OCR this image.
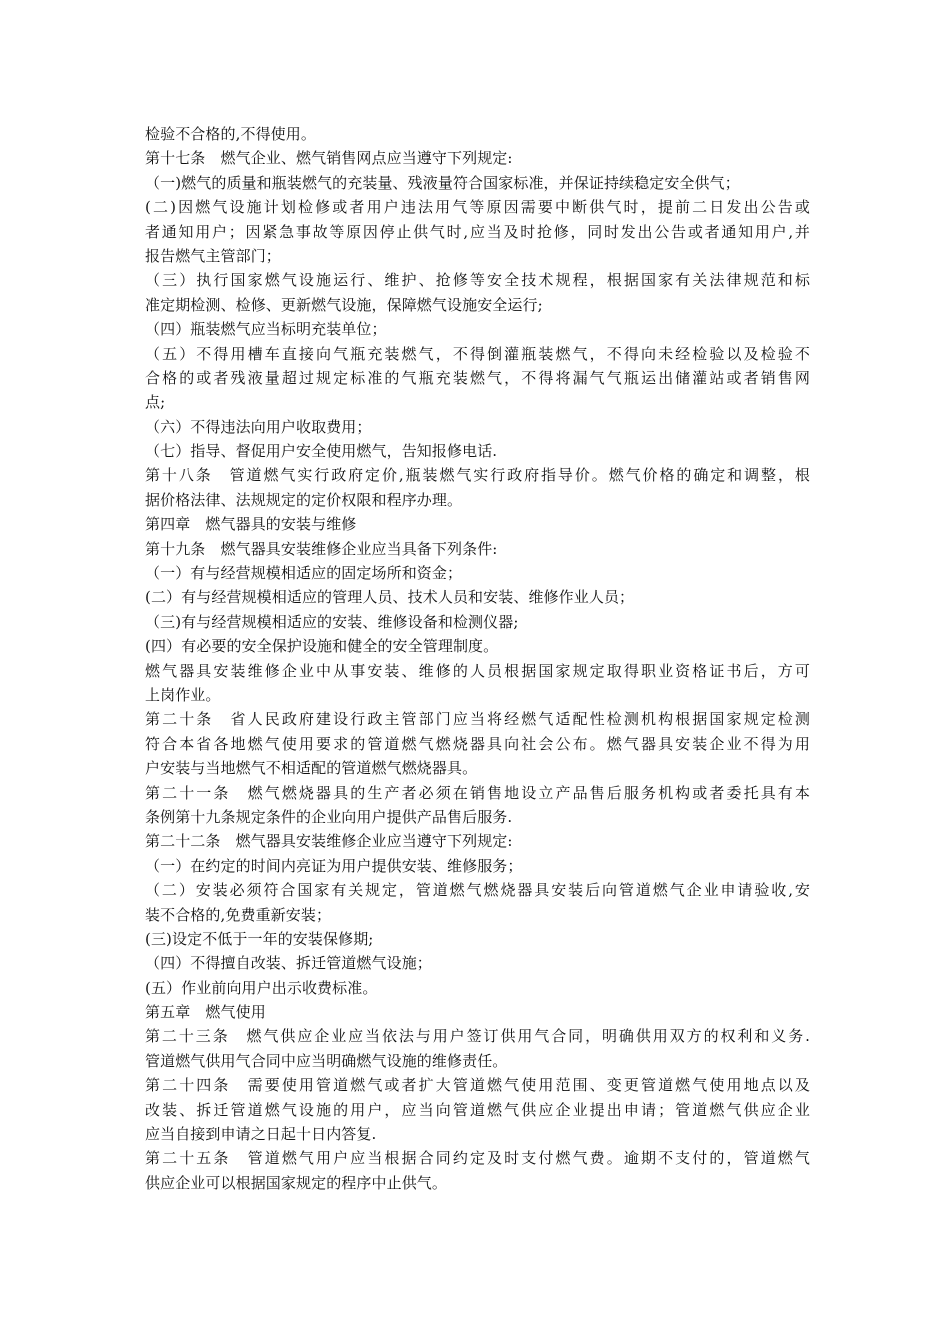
检验不合格的,不得使用。
第十七条　燃气企业、燃气销售网点应当遵守下列规定:
（一)燃气的质量和瓶装燃气的充装量、残液量符合国家标准，并保证持续稳定安全供气；
(二)因燃气设施计划检修或者用户违法用气等原因需要中断供气时，提前二日发出公告或
者通知用户；因紧急事故等原因停止供气时,应当及时抢修，同时发出公告或者通知用户,并
报告燃气主管部门；
（三）执行国家燃气设施运行、维护、抢修等安全技术规程，根据国家有关法律规范和标
准定期检测、检修、更新燃气设施，保障燃气设施安全运行;
（四）瓶装燃气应当标明充装单位；
（五）不得用槽车直接向气瓶充装燃气，不得倒灌瓶装燃气，不得向未经检验以及检验不
合格的或者残液量超过规定标准的气瓶充装燃气，不得将漏气气瓶运出储灌站或者销售网
点;
（六）不得违法向用户收取费用；
（七）指导、督促用户安全使用燃气，告知报修电话.
第十八条　管道燃气实行政府定价,瓶装燃气实行政府指导价。燃气价格的确定和调整，根
据价格法律、法规规定的定价权限和程序办理。
第四章　燃气器具的安装与维修
第十九条　燃气器具安装维修企业应当具备下列条件:
（一）有与经营规模相适应的固定场所和资金；
(二）有与经营规模相适应的管理人员、技术人员和安装、维修作业人员；
（三)有与经营规模相适应的安装、维修设备和检测仪器;
(四）有必要的安全保护设施和健全的安全管理制度。
燃气器具安装维修企业中从事安装、维修的人员根据国家规定取得职业资格证书后，方可
上岗作业。
第二十条　省人民政府建设行政主管部门应当将经燃气适配性检测机构根据国家规定检测
符合本省各地燃气使用要求的管道燃气燃烧器具向社会公布。燃气器具安装企业不得为用
户安装与当地燃气不相适配的管道燃气燃烧器具。
第二十一条　燃气燃烧器具的生产者必须在销售地设立产品售后服务机构或者委托具有本
条例第十九条规定条件的企业向用户提供产品售后服务.
第二十二条　燃气器具安装维修企业应当遵守下列规定:
（一）在约定的时间内亮证为用户提供安装、维修服务；
（二）安装必须符合国家有关规定，管道燃气燃烧器具安装后向管道燃气企业申请验收,安
装不合格的,免费重新安装；
(三)设定不低于一年的安装保修期;
（四）不得擅自改装、拆迁管道燃气设施；
(五）作业前向用户出示收费标准。
第五章　燃气使用
第二十三条　燃气供应企业应当依法与用户签订供用气合同，明确供用双方的权利和义务.
管道燃气供用气合同中应当明确燃气设施的维修责任。
第二十四条　需要使用管道燃气或者扩大管道燃气使用范围、变更管道燃气使用地点以及
改装、拆迁管道燃气设施的用户，应当向管道燃气供应企业提出申请；管道燃气供应企业
应当自接到申请之日起十日内答复.
第二十五条　管道燃气用户应当根据合同约定及时支付燃气费。逾期不支付的，管道燃气
供应企业可以根据国家规定的程序中止供气。
